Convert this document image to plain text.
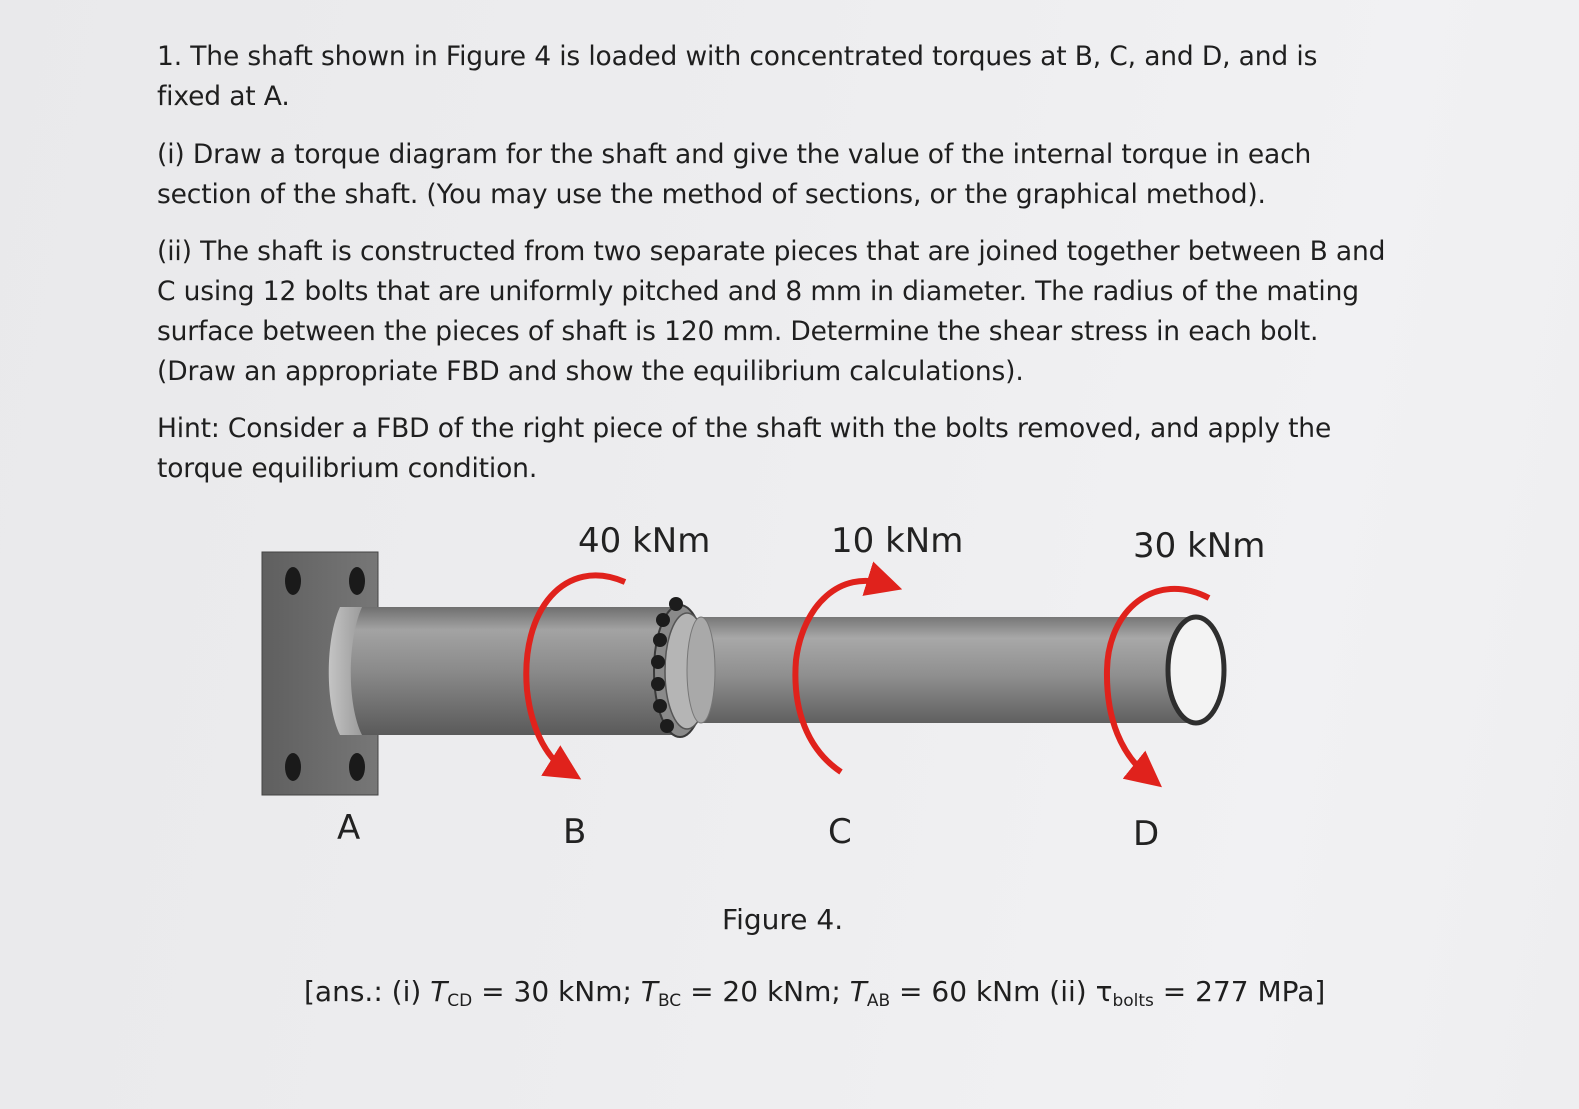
1. The shaft shown in Figure 4 is loaded with concentrated torques at B, C, and D, and is fixed at A.

(i) Draw a torque diagram for the shaft and give the value of the internal torque in each section of the shaft. (You may use the method of sections, or the graphical method).

(ii) The shaft is constructed from two separate pieces that are joined together between B and C using 12 bolts that are uniformly pitched and 8 mm in diameter. The radius of the mating surface between the pieces of shaft is 120 mm. Determine the shear stress in each bolt. (Draw an appropriate FBD and show the equilibrium calculations).

Hint: Consider a FBD of the right piece of the shaft with the bolts removed, and apply the torque equilibrium condition.

40 kNm	10 kNm	30 kNm
A	B	C	D
Figure 4.
[ans.: (i) $T_{CD} = 30$ kNm; $T_{BC} = 20$ kNm; $T_{AB} = 60$ kNm (ii) $\tau_{bolts} = 277$ MPa]
